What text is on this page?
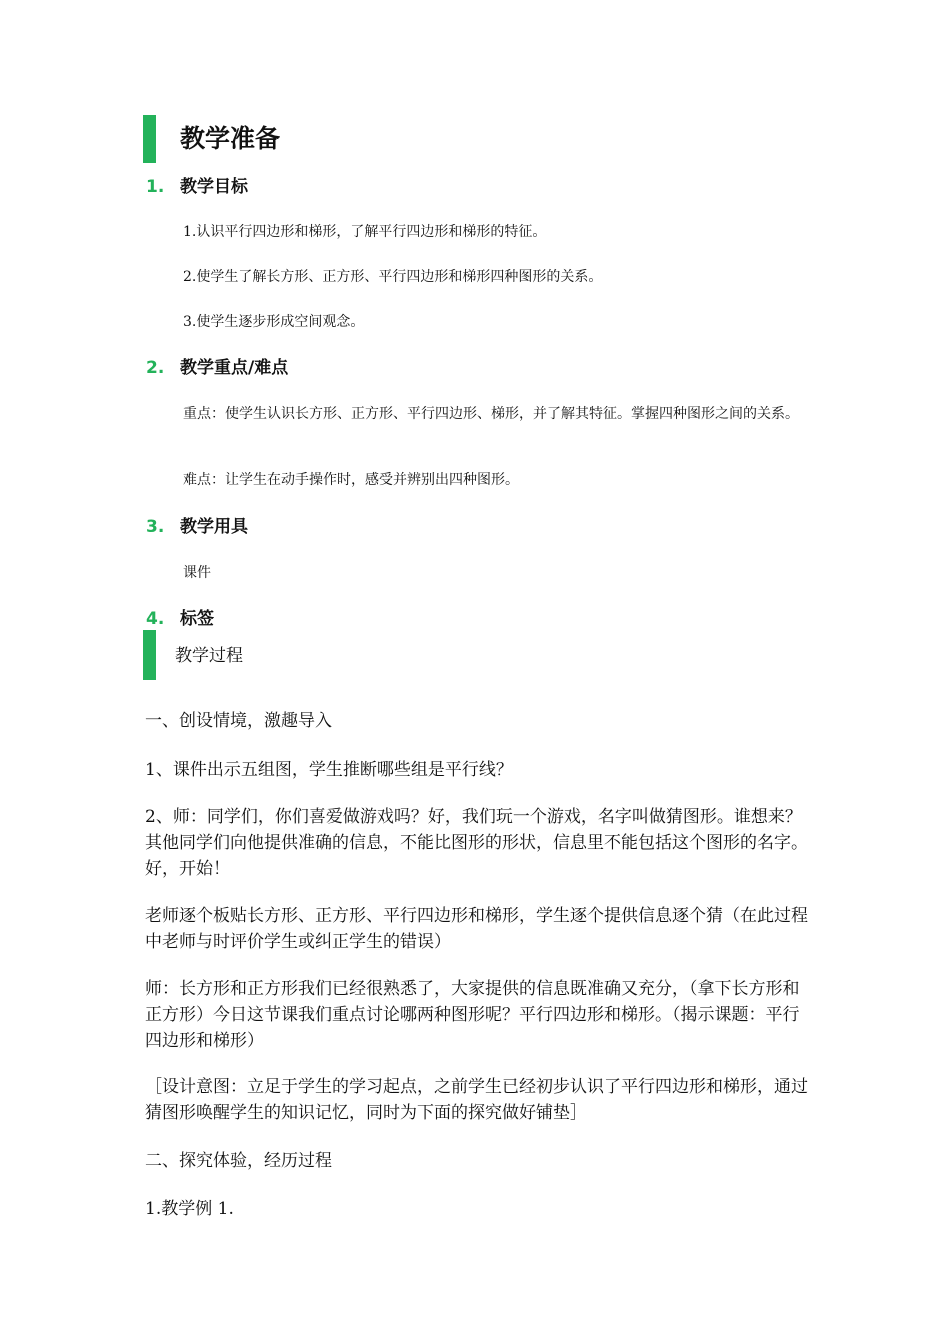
教学准备
1. 教学目标
1.认识平行四边形和梯形，了解平行四边形和梯形的特征。
2.使学生了解长方形、正方形、平行四边形和梯形四种图形的关系。
3.使学生逐步形成空间观念。
2. 教学重点/难点
重点：使学生认识长方形、正方形、平行四边形、梯形，并了解其特征。掌握四种图形之间的关系。
难点：让学生在动手操作时，感受并辨别出四种图形。
3. 教学用具
课件
4. 标签
教学过程
一、创设情境，激趣导入
1、课件出示五组图，学生推断哪些组是平行线？
2、师：同学们，你们喜爱做游戏吗？好，我们玩一个游戏，名字叫做猜图形。谁想来？其他同学们向他提供准确的信息，不能比图形的形状，信息里不能包括这个图形的名字。好，开始！
老师逐个板贴长方形、正方形、平行四边形和梯形，学生逐个提供信息逐个猜（在此过程中老师与时评价学生或纠正学生的错误）
师：长方形和正方形我们已经很熟悉了，大家提供的信息既准确又充分，（拿下长方形和正方形）今日这节课我们重点讨论哪两种图形呢？平行四边形和梯形。（揭示课题：平行四边形和梯形）
［设计意图：立足于学生的学习起点，之前学生已经初步认识了平行四边形和梯形，通过猜图形唤醒学生的知识记忆，同时为下面的探究做好铺垫］
二、探究体验，经历过程
1.教学例 1.
